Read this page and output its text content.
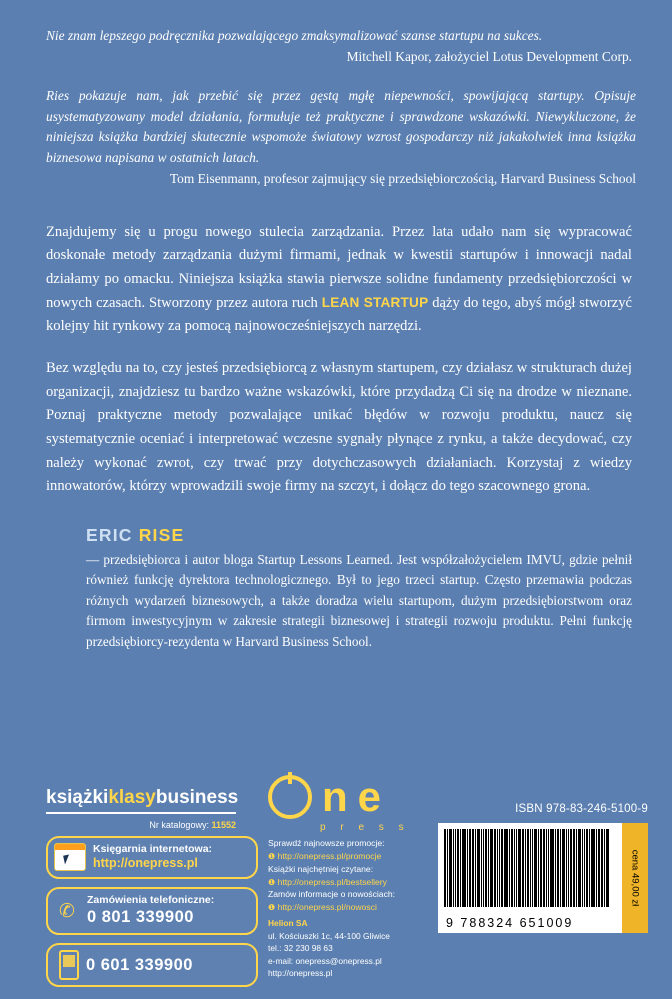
Nie znam lepszego podręcznika pozwalającego zmaksymalizować szanse startupu na sukces.

Mitchell Kapor, założyciel Lotus Development Corp.

Ries pokazuje nam, jak przebić się przez gęstą mgłę niepewności, spowijającą startupy. Opisuje usystematyzowany model działania, formułuje też praktyczne i sprawdzone wskazówki. Niewykluczone, że niniejsza książka bardziej skutecznie wspomoże światowy wzrost gospodarczy niż jakakolwiek inna książka biznesowa napisana w ostatnich latach.

Tom Eisenmann, profesor zajmujący się przedsiębiorczością, Harvard Business School

Znajdujemy się u progu nowego stulecia zarządzania. Przez lata udało nam się wypracować doskonałe metody zarządzania dużymi firmami, jednak w kwestii startupów i innowacji nadal działamy po omacku. Niniejsza książka stawia pierwsze solidne fundamenty przedsiębiorczości w nowych czasach. Stworzony przez autora ruch LEAN STARTUP dąży do tego, abyś mógł stworzyć kolejny hit rynkowy za pomocą najnowocześniejszych narzędzi.

Bez względu na to, czy jesteś przedsiębiorcą z własnym startupem, czy działasz w strukturach dużej organizacji, znajdziesz tu bardzo ważne wskazówki, które przydadzą Ci się na drodze w nieznane. Poznaj praktyczne metody pozwalające unikać błędów w rozwoju produktu, naucz się systematycznie oceniać i interpretować wczesne sygnały płynące z rynku, a także decydować, czy należy wykonać zwrot, czy trwać przy dotychczasowych działaniach. Korzystaj z wiedzy innowatorów, którzy wprowadzili swoje firmy na szczyt, i dołącz do tego szacownego grona.

ERIC RISE

— przedsiębiorca i autor bloga Startup Lessons Learned. Jest współzałożycielem IMVU, gdzie pełnił również funkcję dyrektora technologicznego. Był to jego trzeci startup. Często przemawia podczas różnych wydarzeń biznesowych, a także doradza wielu startupom, dużym przedsiębiorstwom oraz firmom inwestycyjnym w zakresie strategii biznesowej i strategii rozwoju produktu. Pełni funkcję przedsiębiorcy-rezydenta w Harvard Business School.

książkiklasybusiness
Nr katalogowy: 11552
Księgarnia internetowa:
http://onepress.pl
✆
Zamówienia telefoniczne:
0 801 339900
0 601 339900
n e
p r e s s
Sprawdź najnowsze promocje:
❶ http://onepress.pl/promocje
Książki najchętniej czytane:
❶ http://onepress.pl/bestsellery
Zamów informacje o nowościach:
❶ http://onepress.pl/nowosci
Helion SA
ul. Kościuszki 1c, 44-100 Gliwice
tel.: 32 230 98 63
e-mail: onepress@onepress.pl
http://onepress.pl
ISBN 978-83-246-5100-9
9 788324 651009
cena 49,00 zł
